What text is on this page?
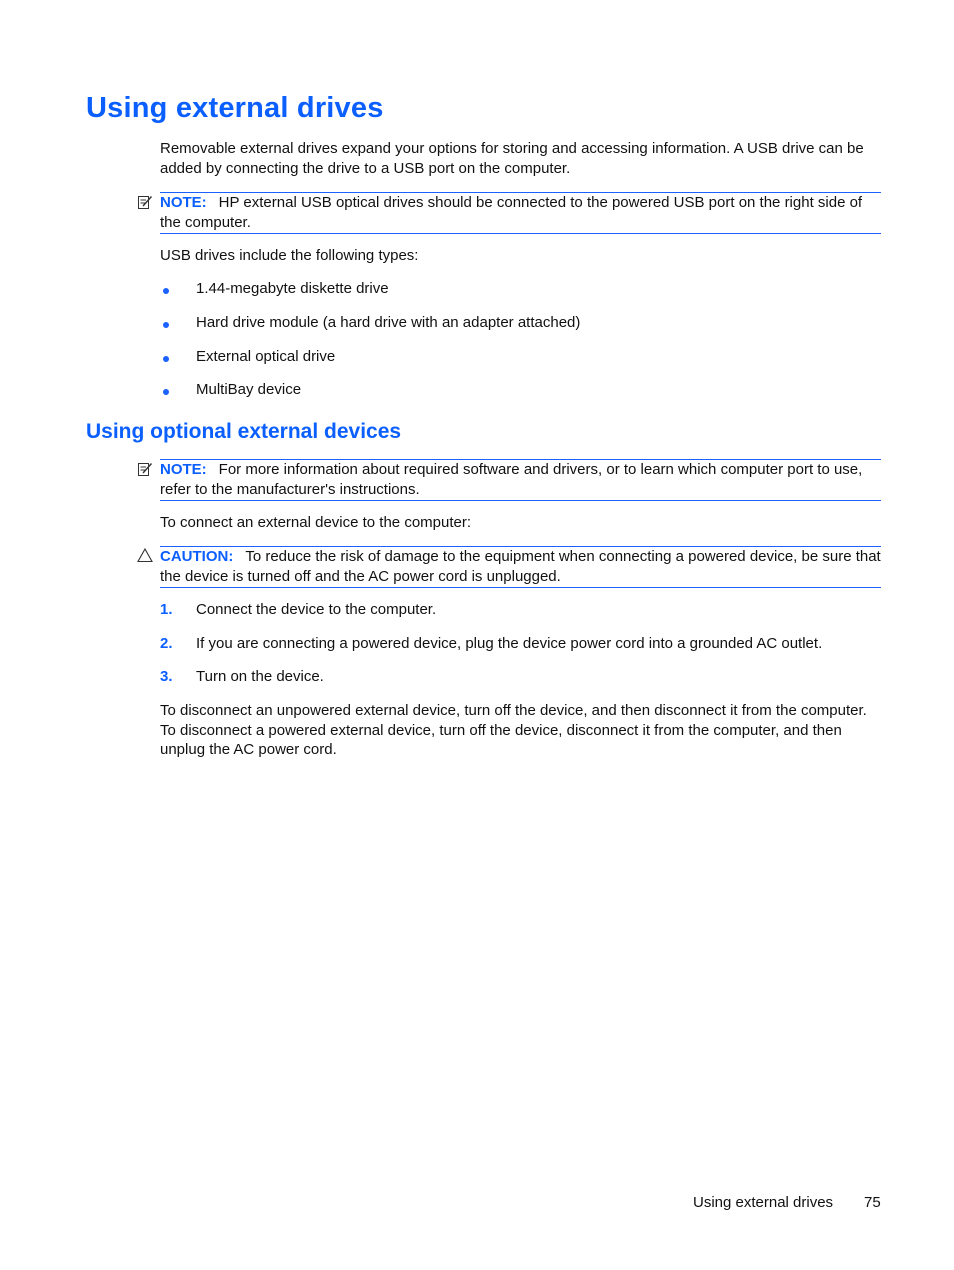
Using external drives

Removable external drives expand your options for storing and accessing information. A USB drive can be added by connecting the drive to a USB port on the computer.

NOTE: HP external USB optical drives should be connected to the powered USB port on the right side of the computer.

USB drives include the following types:

1.44-megabyte diskette drive
Hard drive module (a hard drive with an adapter attached)
External optical drive
MultiBay device
Using optional external devices
NOTE: For more information about required software and drivers, or to learn which computer port to use, refer to the manufacturer's instructions.

To connect an external device to the computer:

CAUTION: To reduce the risk of damage to the equipment when connecting a powered device, be sure that the device is turned off and the AC power cord is unplugged.
1. Connect the device to the computer.
2. If you are connecting a powered device, plug the device power cord into a grounded AC outlet.
3. Turn on the device.

To disconnect an unpowered external device, turn off the device, and then disconnect it from the computer. To disconnect a powered external device, turn off the device, disconnect it from the computer, and then unplug the AC power cord.

Using external drives 75
